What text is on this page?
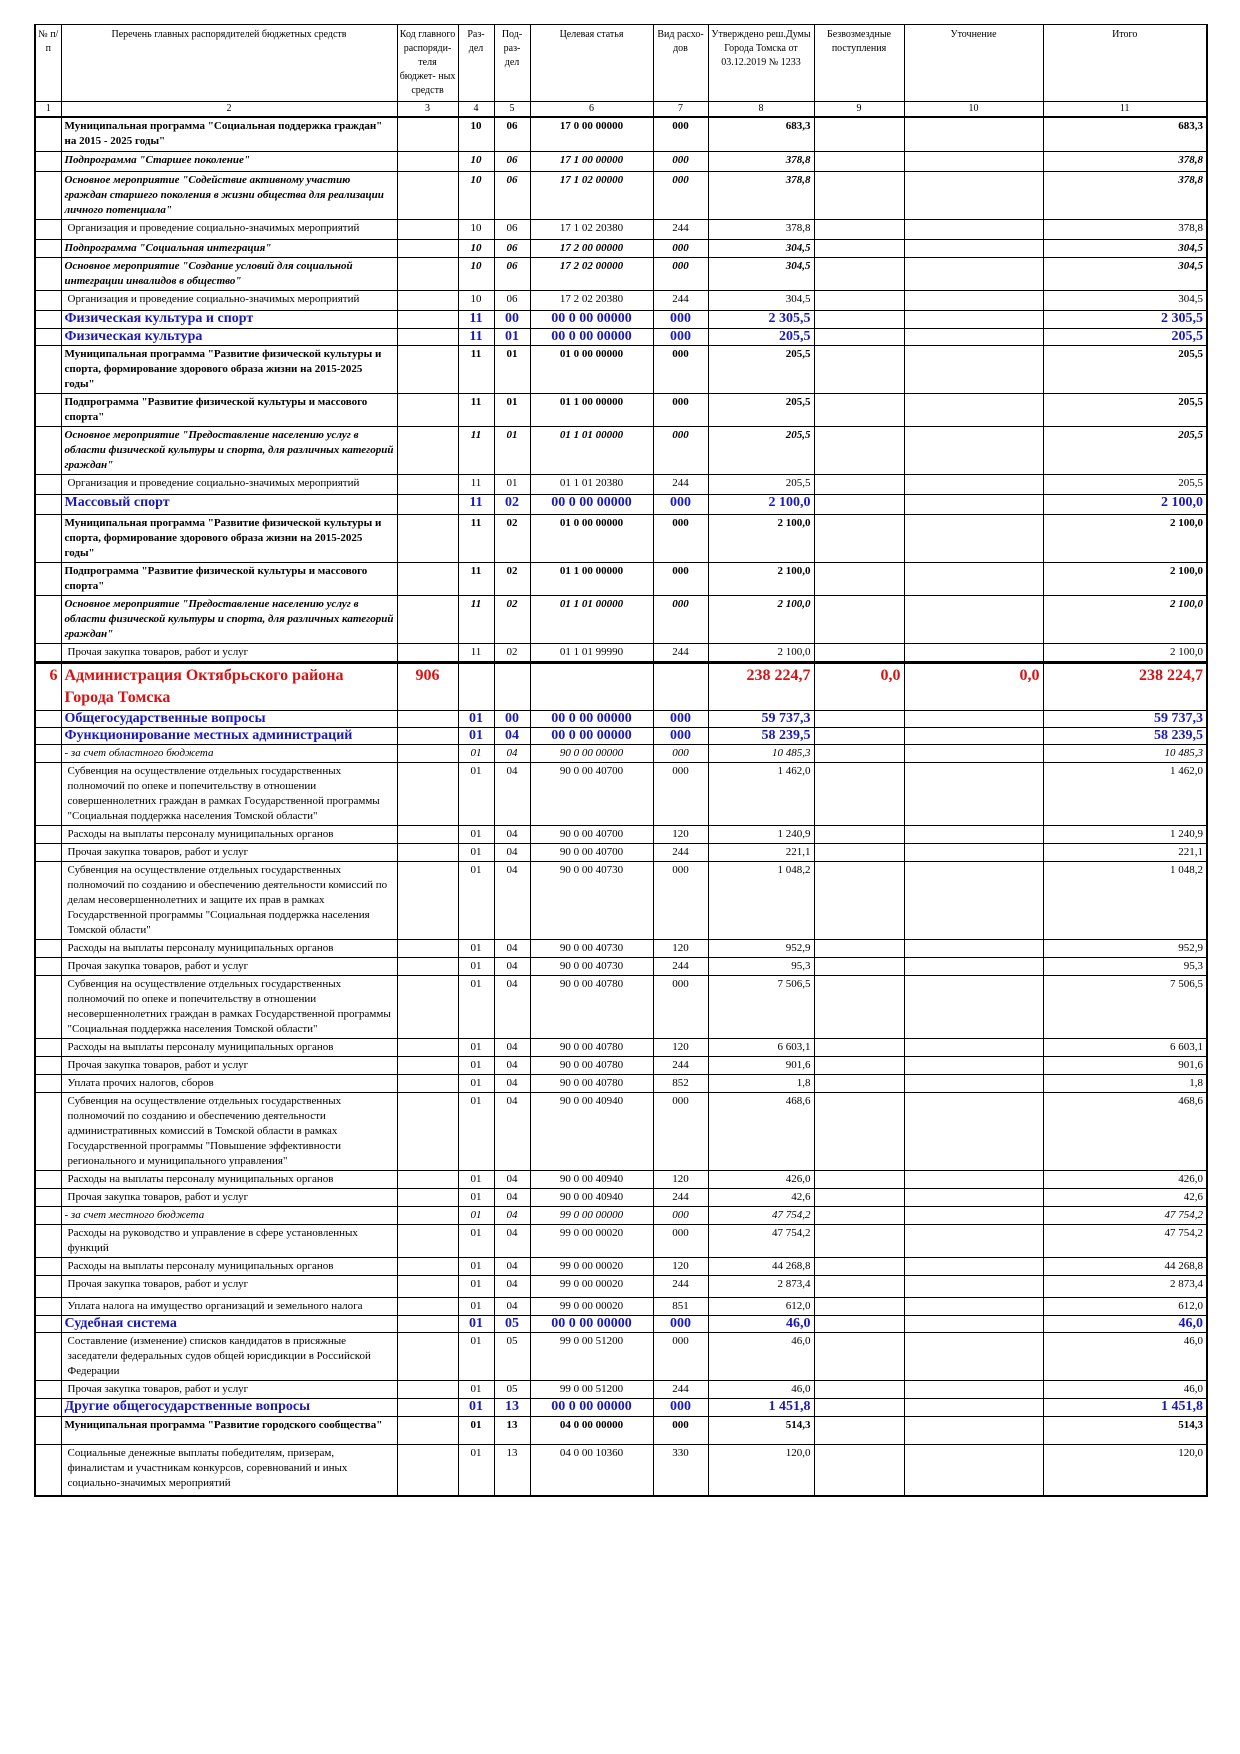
№ п/п	Перечень главных распорядителей бюджетных средств	Код главного распоряди- теля бюджет- ных средств	Раз- дел	Под- раз- дел	Целевая статья	Вид расхо- дов	Утверждено реш.Думы Города Томска от 03.12.2019 № 1233	Безвозмездные поступления	Уточнение	Итого
1	2	3	4	5	6	7	8	9	10	11
	Муниципальная программа "Социальная поддержка граждан" на 2015 - 2025 годы"		10	06	17 0 00 00000	000	683,3			683,3
	Подпрограмма "Старшее поколение"		10	06	17 1 00 00000	000	378,8			378,8
	Основное мероприятие "Содействие активному участию граждан старшего поколения в жизни общества для реализации личного потенциала"		10	06	17 1 02 00000	000	378,8			378,8
	Организация и проведение социально-значимых мероприятий		10	06	17 1 02 20380	244	378,8			378,8
	Подпрограмма "Социальная интеграция"		10	06	17 2 00 00000	000	304,5			304,5
	Основное мероприятие "Создание условий для социальной интеграции инвалидов в общество"		10	06	17 2 02 00000	000	304,5			304,5
	Организация и проведение социально-значимых мероприятий		10	06	17 2 02 20380	244	304,5			304,5
	Физическая культура и спорт		11	00	00 0 00 00000	000	2 305,5			2 305,5
	Физическая культура		11	01	00 0 00 00000	000	205,5			205,5
	Муниципальная программа "Развитие физической культуры и спорта, формирование здорового образа жизни на 2015-2025 годы"		11	01	01 0 00 00000	000	205,5			205,5
	Подпрограмма "Развитие физической культуры и массового спорта"		11	01	01 1 00 00000	000	205,5			205,5
	Основное мероприятие "Предоставление населению услуг в области физической культуры и спорта, для различных категорий граждан"		11	01	01 1 01 00000	000	205,5			205,5
	Организация и проведение социально-значимых мероприятий		11	01	01 1 01 20380	244	205,5			205,5
	Массовый спорт		11	02	00 0 00 00000	000	2 100,0			2 100,0
	Муниципальная программа "Развитие физической культуры и спорта, формирование здорового образа жизни на 2015-2025 годы"		11	02	01 0 00 00000	000	2 100,0			2 100,0
	Подпрограмма "Развитие физической культуры и массового спорта"		11	02	01 1 00 00000	000	2 100,0			2 100,0
	Основное мероприятие "Предоставление населению услуг в области физической культуры и спорта, для различных категорий граждан"		11	02	01 1 01 00000	000	2 100,0			2 100,0
	Прочая закупка товаров, работ и услуг		11	02	01 1 01 99990	244	2 100,0			2 100,0
6	Администрация Октябрьского района Города Томска	906					238 224,7	0,0	0,0	238 224,7
	Общегосударственные вопросы		01	00	00 0 00 00000	000	59 737,3			59 737,3
	Функционирование местных администраций		01	04	00 0 00 00000	000	58 239,5			58 239,5
	- за счет областного бюджета		01	04	90 0 00 00000	000	10 485,3			10 485,3
	Субвенция на осуществление отдельных государственных полномочий по опеке и попечительству в отношении совершеннолетних граждан в рамках Государственной программы "Социальная поддержка населения Томской области"		01	04	90 0 00 40700	000	1 462,0			1 462,0
	Расходы на выплаты персоналу муниципальных органов		01	04	90 0 00 40700	120	1 240,9			1 240,9
	Прочая закупка товаров, работ и услуг		01	04	90 0 00 40700	244	221,1			221,1
	Субвенция на осуществление отдельных государственных полномочий по созданию и обеспечению деятельности комиссий по делам несовершеннолетних и защите их прав в рамках Государственной программы "Социальная поддержка населения Томской области"		01	04	90 0 00 40730	000	1 048,2			1 048,2
	Расходы на выплаты персоналу муниципальных органов		01	04	90 0 00 40730	120	952,9			952,9
	Прочая закупка товаров, работ и услуг		01	04	90 0 00 40730	244	95,3			95,3
	Субвенция на осуществление отдельных государственных полномочий по опеке и попечительству в отношении несовершеннолетних граждан в рамках Государственной программы "Социальная поддержка населения Томской области"		01	04	90 0 00 40780	000	7 506,5			7 506,5
	Расходы на выплаты персоналу муниципальных органов		01	04	90 0 00 40780	120	6 603,1			6 603,1
	Прочая закупка товаров, работ и услуг		01	04	90 0 00 40780	244	901,6			901,6
	Уплата прочих налогов, сборов		01	04	90 0 00 40780	852	1,8			1,8
	Субвенция на осуществление отдельных государственных полномочий по созданию и обеспечению деятельности административных комиссий в Томской области в рамках Государственной программы "Повышение эффективности регионального и муниципального управления"		01	04	90 0 00 40940	000	468,6			468,6
	Расходы на выплаты персоналу муниципальных органов		01	04	90 0 00 40940	120	426,0			426,0
	Прочая закупка товаров, работ и услуг		01	04	90 0 00 40940	244	42,6			42,6
	- за счет местного бюджета		01	04	99 0 00 00000	000	47 754,2			47 754,2
	Расходы на руководство и управление в сфере установленных функций		01	04	99 0 00 00020	000	47 754,2			47 754,2
	Расходы на выплаты персоналу муниципальных органов		01	04	99 0 00 00020	120	44 268,8			44 268,8
	Прочая закупка товаров, работ и услуг		01	04	99 0 00 00020	244	2 873,4			2 873,4
	Уплата налога на имущество организаций и земельного налога		01	04	99 0 00 00020	851	612,0			612,0
	Судебная система		01	05	00 0 00 00000	000	46,0			46,0
	Составление (изменение) списков кандидатов в присяжные заседатели федеральных судов общей юрисдикции в Российской Федерации		01	05	99 0 00 51200	000	46,0			46,0
	Прочая закупка товаров, работ и услуг		01	05	99 0 00 51200	244	46,0			46,0
	Другие общегосударственные вопросы		01	13	00 0 00 00000	000	1 451,8			1 451,8
	Муниципальная программа "Развитие городского сообщества"		01	13	04 0 00 00000	000	514,3			514,3
	Социальные денежные выплаты победителям, призерам, финалистам и участникам конкурсов, соревнований и иных социально-значимых мероприятий		01	13	04 0 00 10360	330	120,0			120,0
